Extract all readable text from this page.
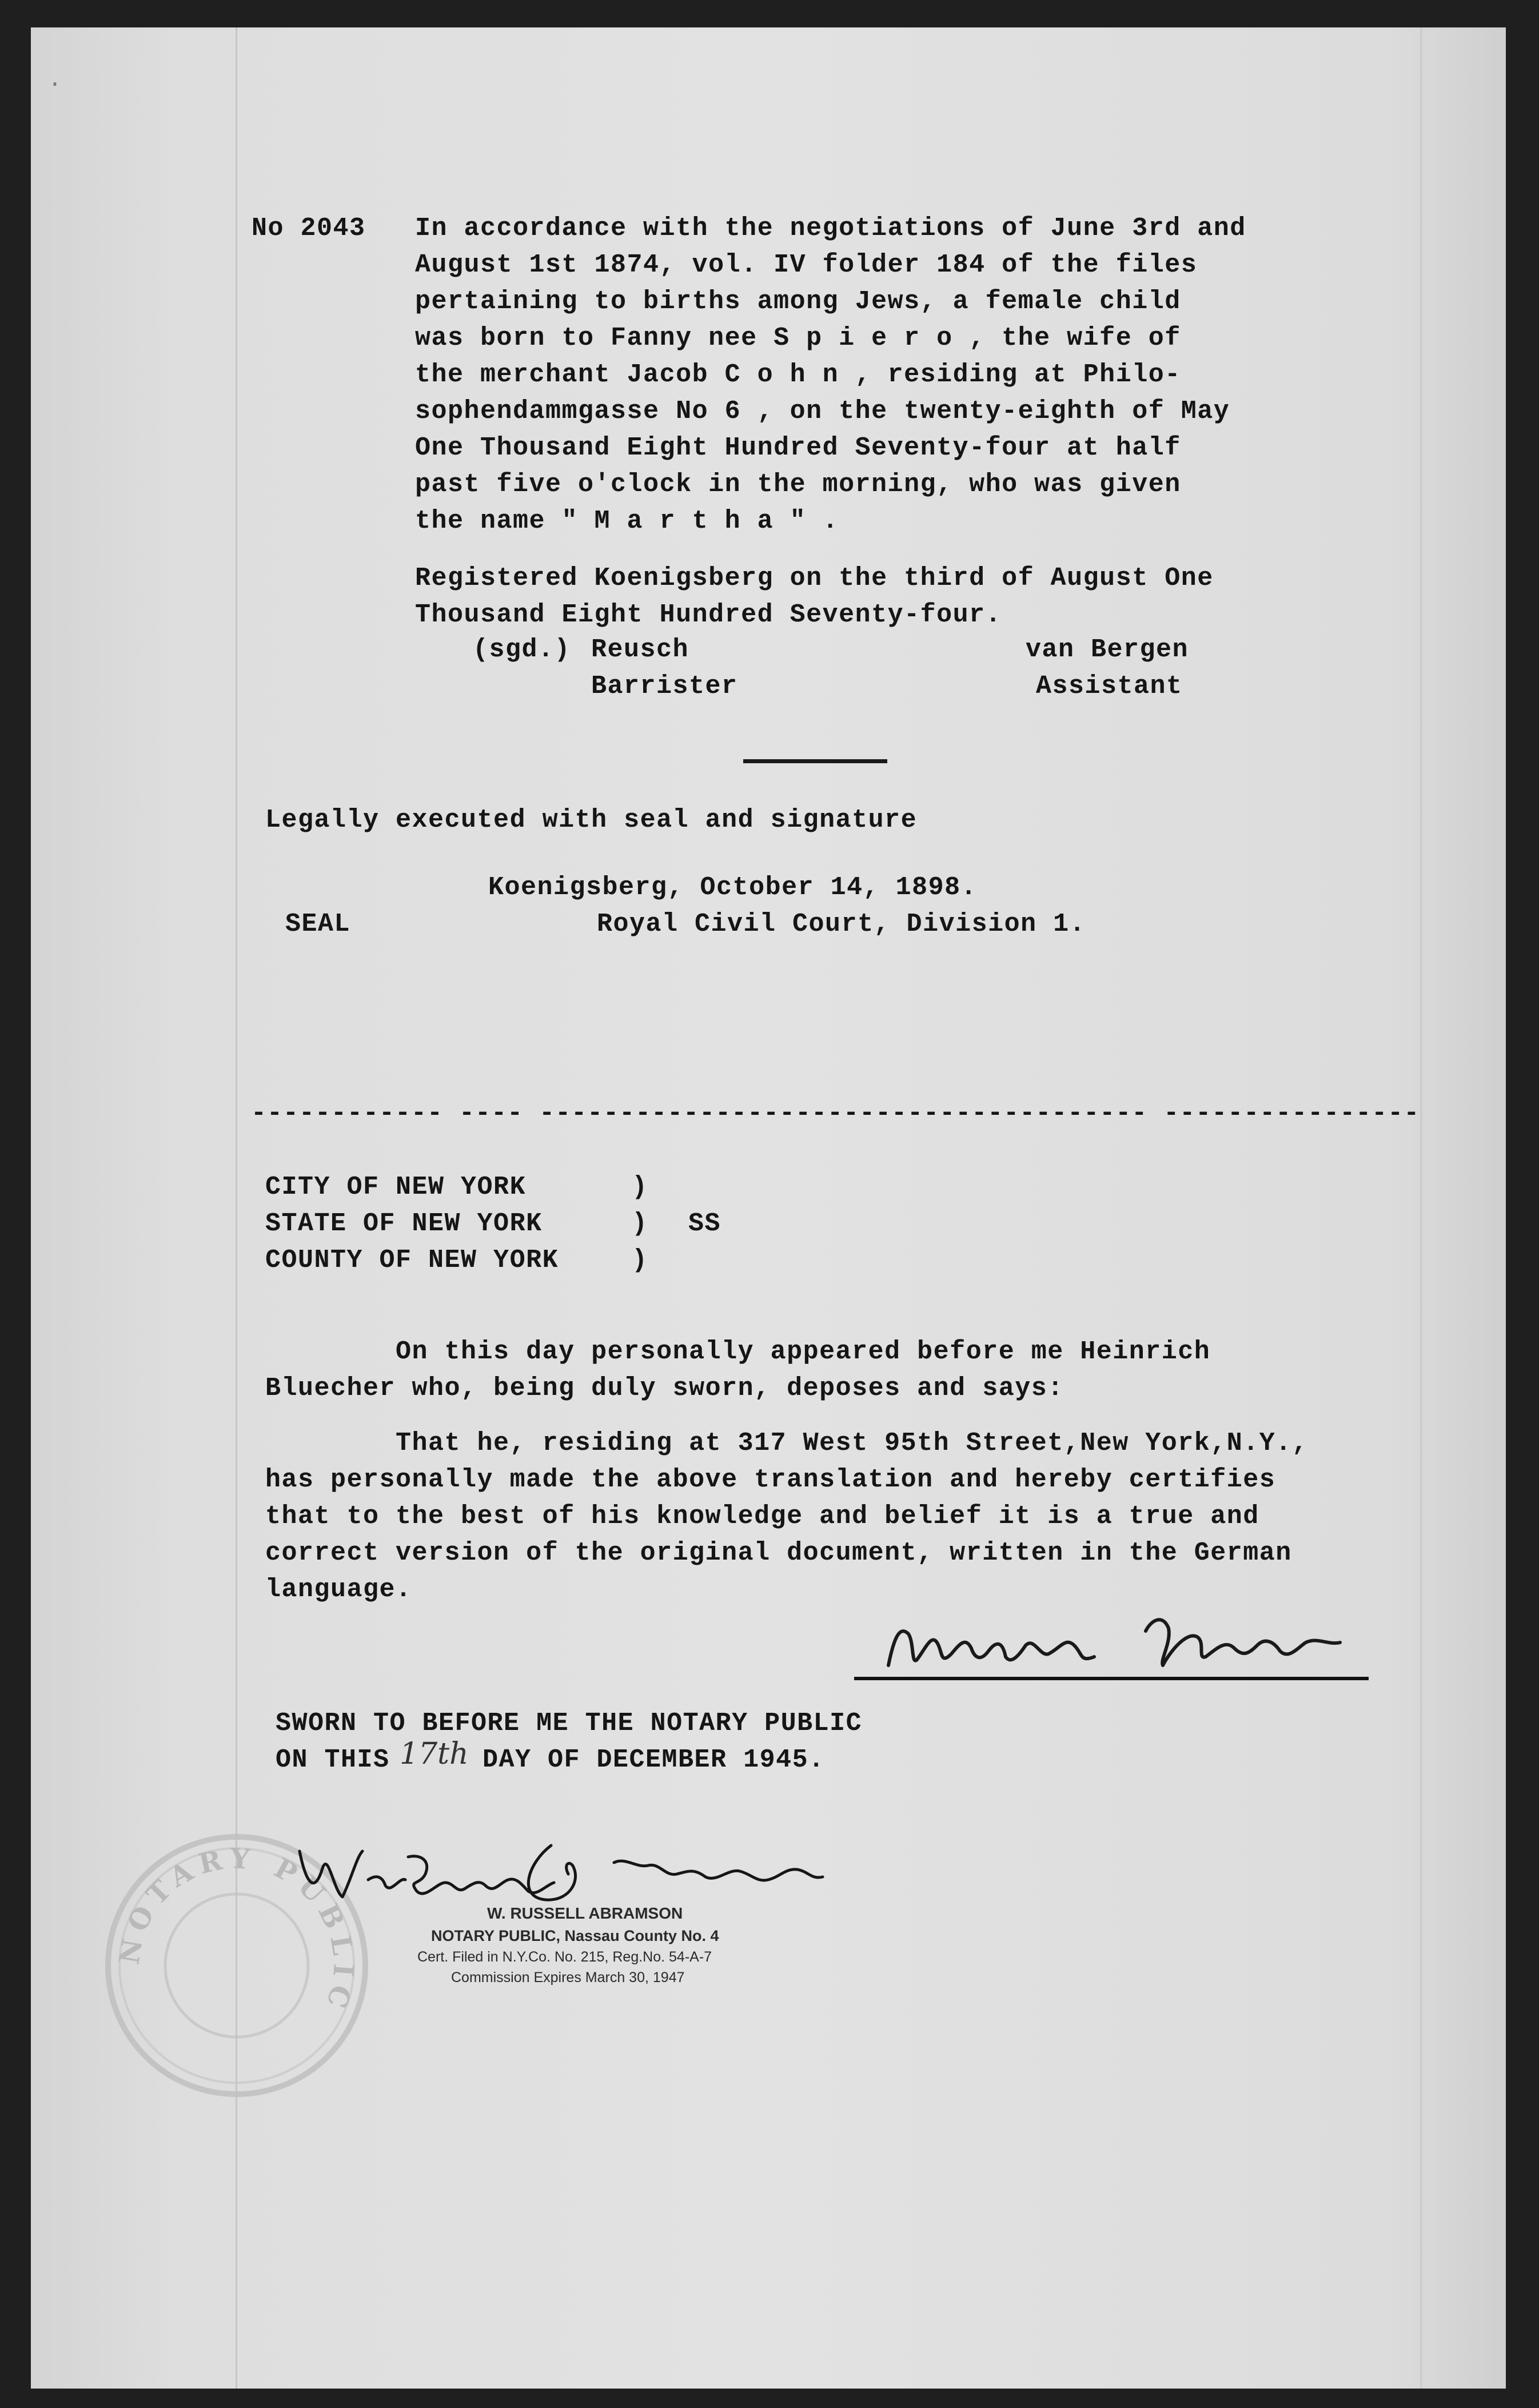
.
No 2043 In accordance with the negotiations of June 3rd and
August 1st 1874, vol. IV folder 184 of the files
pertaining to births among Jews, a female child
was born to Fanny nee S p i e r o , the wife of
the merchant Jacob C o h n , residing at Philo-
sophendammgasse No 6 , on the twenty-eighth of May
One Thousand Eight Hundred Seventy-four at half
past five o'clock in the morning, who was given
the name " M a r t h a " .
Registered Koenigsberg on the third of August One
Thousand Eight Hundred Seventy-four.
(sgd.) Reusch
Barrister
van Bergen
Assistant
Legally executed with seal and signature
Koenigsberg, October 14, 1898.
SEAL	Royal Civil Court, Division 1.
------------ ---- -------------------------------------- ----------------
CITY OF NEW YORK
STATE OF NEW YORK
COUNTY OF NEW YORK
)
)
)
SS
On this day personally appeared before me Heinrich
Bluecher who, being duly sworn, deposes and says:
That he, residing at 317 West 95th Street,New York,N.Y.,
has personally made the above translation and hereby certifies
that to the best of his knowledge and belief it is a true and
correct version of the original document, written in the German
language.
SWORN TO BEFORE ME THE NOTARY PUBLIC
ON THIS 17th DAY OF DECEMBER 1945.
NOTARY PUBLIC
W. RUSSELL ABRAMSON
NOTARY PUBLIC, Nassau County No. 4
Cert. Filed in N.Y.Co. No. 215, Reg.No. 54-A-7
Commission Expires March 30, 1947
